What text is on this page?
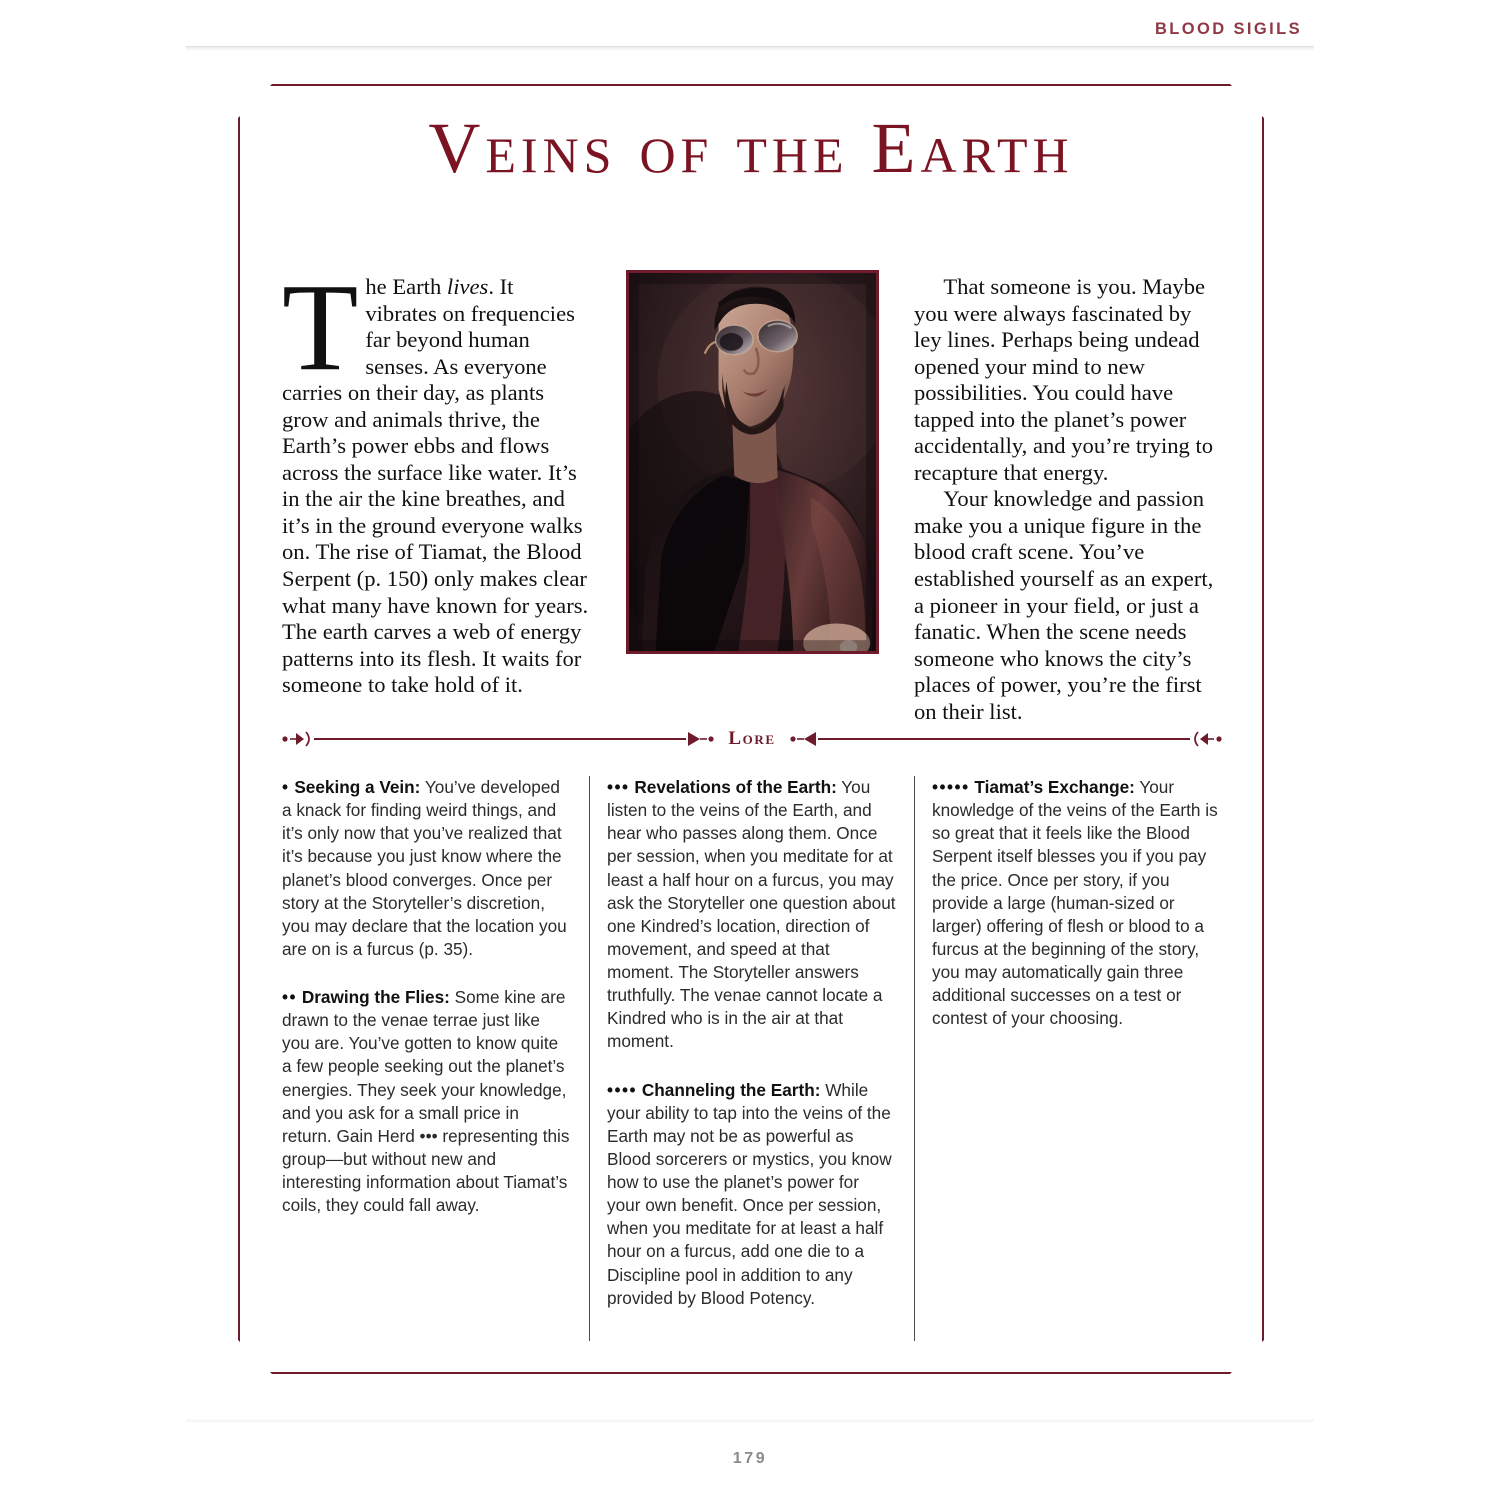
BLOOD SIGILS
Veins of the Earth

The Earth lives. It vibrates on frequencies far beyond human senses. As everyone carries on their day, as plants grow and animals thrive, the Earth’s power ebbs and flows across the surface like water. It’s in the air the kine breathes, and it’s in the ground everyone walks on. The rise of Tiamat, the Blood Serpent (p. 150) only makes clear what many have known for years. The earth carves a web of energy patterns into its flesh. It waits for someone to take hold of it.

That someone is you. Maybe you were always fascinated by ley lines. Perhaps being undead opened your mind to new possibilities. You could have tapped into the planet’s power accidentally, and you’re trying to recapture that energy.

Your knowledge and passion make you a unique figure in the blood craft scene. You’ve established yourself as an expert, a pioneer in your field, or just a fanatic. When the scene needs someone who knows the city’s places of power, you’re the first on their list.

Lore

• Seeking a Vein: You’ve developed a knack for finding weird things, and it’s only now that you’ve realized that it’s because you just know where the planet’s blood converges. Once per story at the Storyteller’s discretion, you may declare that the location you are on is a furcus (p. 35).

•• Drawing the Flies: Some kine are drawn to the venae terrae just like you are. You’ve gotten to know quite a few people seeking out the planet’s energies. They seek your knowledge, and you ask for a small price in return. Gain Herd ••• representing this group—but without new and interesting information about Tiamat’s coils, they could fall away.

••• Revelations of the Earth: You listen to the veins of the Earth, and hear who passes along them. Once per session, when you meditate for at least a half hour on a furcus, you may ask the Storyteller one question about one Kindred’s location, direction of movement, and speed at that moment. The Storyteller answers truthfully. The venae cannot locate a Kindred who is in the air at that moment.

•••• Channeling the Earth: While your ability to tap into the veins of the Earth may not be as powerful as Blood sorcerers or mystics, you know how to use the planet’s power for your own benefit. Once per session, when you meditate for at least a half hour on a furcus, add one die to a Discipline pool in addition to any provided by Blood Potency.

••••• Tiamat’s Exchange: Your knowledge of the veins of the Earth is so great that it feels like the Blood Serpent itself blesses you if you pay the price. Once per story, if you provide a large (human-sized or larger) offering of flesh or blood to a furcus at the beginning of the story, you may automatically gain three additional successes on a test or contest of your choosing.

179
